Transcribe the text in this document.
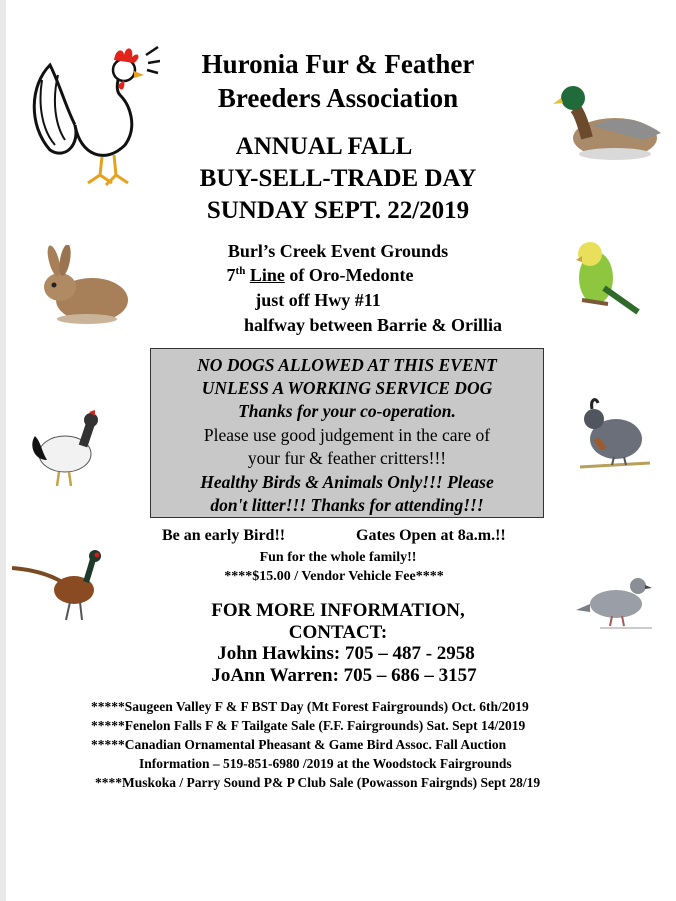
Huronia Fur & Feather
Breeders Association
ANNUAL FALL
BUY-SELL-TRADE DAY
SUNDAY SEPT. 22/2019
Burl’s Creek Event Grounds
7th Line of Oro-Medonte
just off Hwy #11
halfway between Barrie & Orillia
NO DOGS ALLOWED AT THIS EVENT
UNLESS A WORKING SERVICE DOG
Thanks for your co-operation.
Please use good judgement in the care of
your fur & feather critters!!!
Healthy Birds & Animals Only!!! Please
don't litter!!! Thanks for attending!!!
Be an early Bird!!	Gates Open at 8a.m.!!
Fun for the whole family!!
****$15.00 / Vendor Vehicle Fee****
FOR MORE INFORMATION,
CONTACT:
John Hawkins: 705 – 487 - 2958
JoAnn Warren: 705 – 686 – 3157
*****Saugeen Valley F & F BST Day (Mt Forest Fairgrounds) Oct. 6th/2019
*****Fenelon Falls F & F Tailgate Sale (F.F. Fairgrounds) Sat. Sept 14/2019
*****Canadian Ornamental Pheasant & Game Bird Assoc. Fall Auction
Information – 519-851-6980 /2019 at the Woodstock Fairgrounds
****Muskoka / Parry Sound P& P Club Sale (Powasson Fairgnds) Sept 28/19
